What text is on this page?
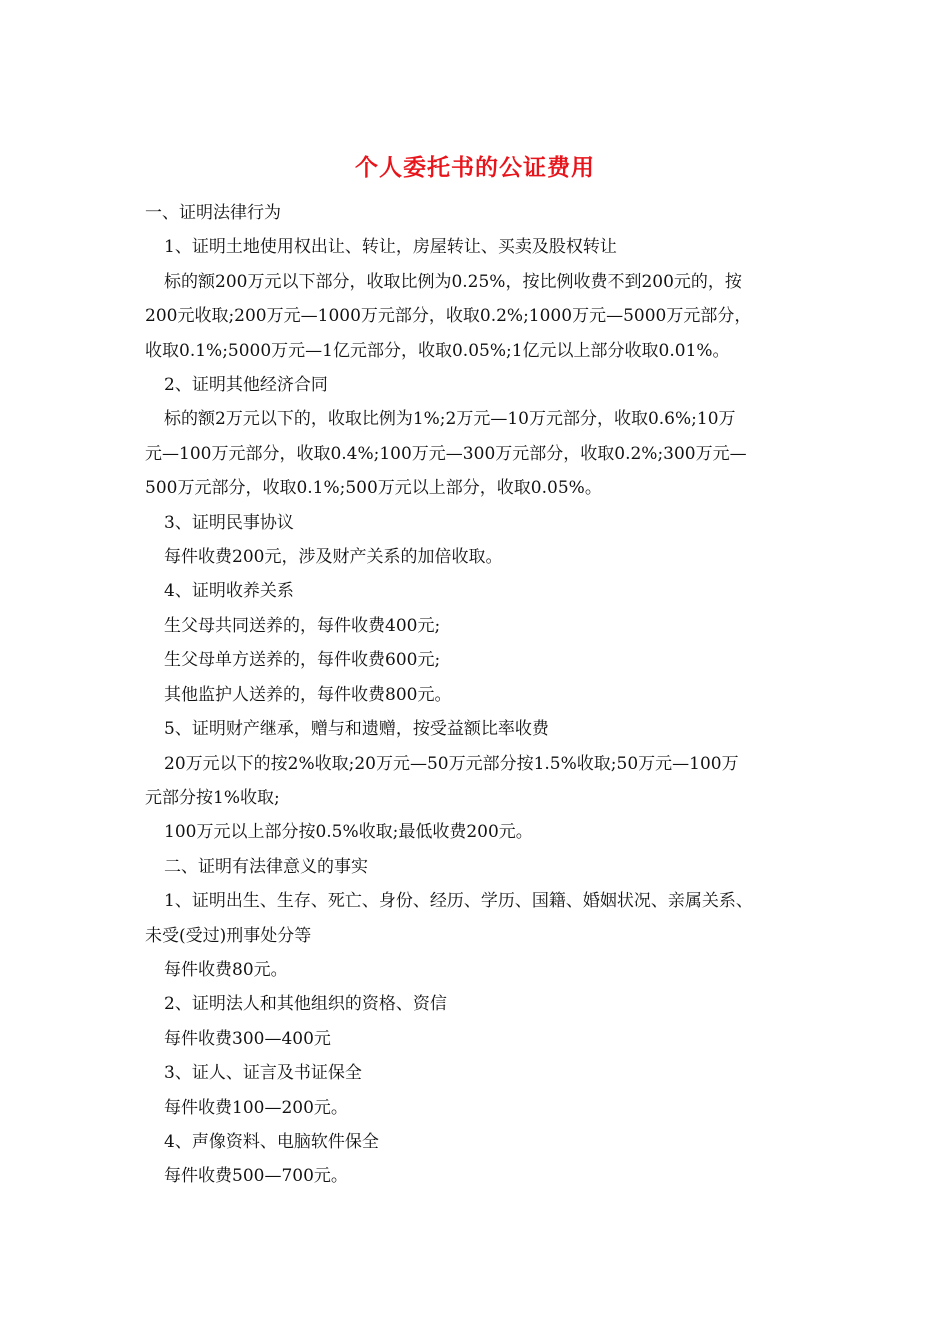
个人委托书的公证费用
一、证明法律行为
1、证明土地使用权出让、转让，房屋转让、买卖及股权转让
标的额200万元以下部分，收取比例为0.25%，按比例收费不到200元的，按
200元收取;200万元—1000万元部分，收取0.2%;1000万元—5000万元部分，
收取0.1%;5000万元—1亿元部分，收取0.05%;1亿元以上部分收取0.01%。
2、证明其他经济合同
标的额2万元以下的，收取比例为1%;2万元—10万元部分，收取0.6%;10万
元—100万元部分，收取0.4%;100万元—300万元部分，收取0.2%;300万元—
500万元部分，收取0.1%;500万元以上部分，收取0.05%。
3、证明民事协议
每件收费200元，涉及财产关系的加倍收取。
4、证明收养关系
生父母共同送养的，每件收费400元;
生父母单方送养的，每件收费600元;
其他监护人送养的，每件收费800元。
5、证明财产继承，赠与和遗赠，按受益额比率收费
20万元以下的按2%收取;20万元—50万元部分按1.5%收取;50万元—100万
元部分按1%收取;
100万元以上部分按0.5%收取;最低收费200元。
二、证明有法律意义的事实
1、证明出生、生存、死亡、身份、经历、学历、国籍、婚姻状况、亲属关系、
未受(受过)刑事处分等
每件收费80元。
2、证明法人和其他组织的资格、资信
每件收费300—400元
3、证人、证言及书证保全
每件收费100—200元。
4、声像资料、电脑软件保全
每件收费500—700元。
